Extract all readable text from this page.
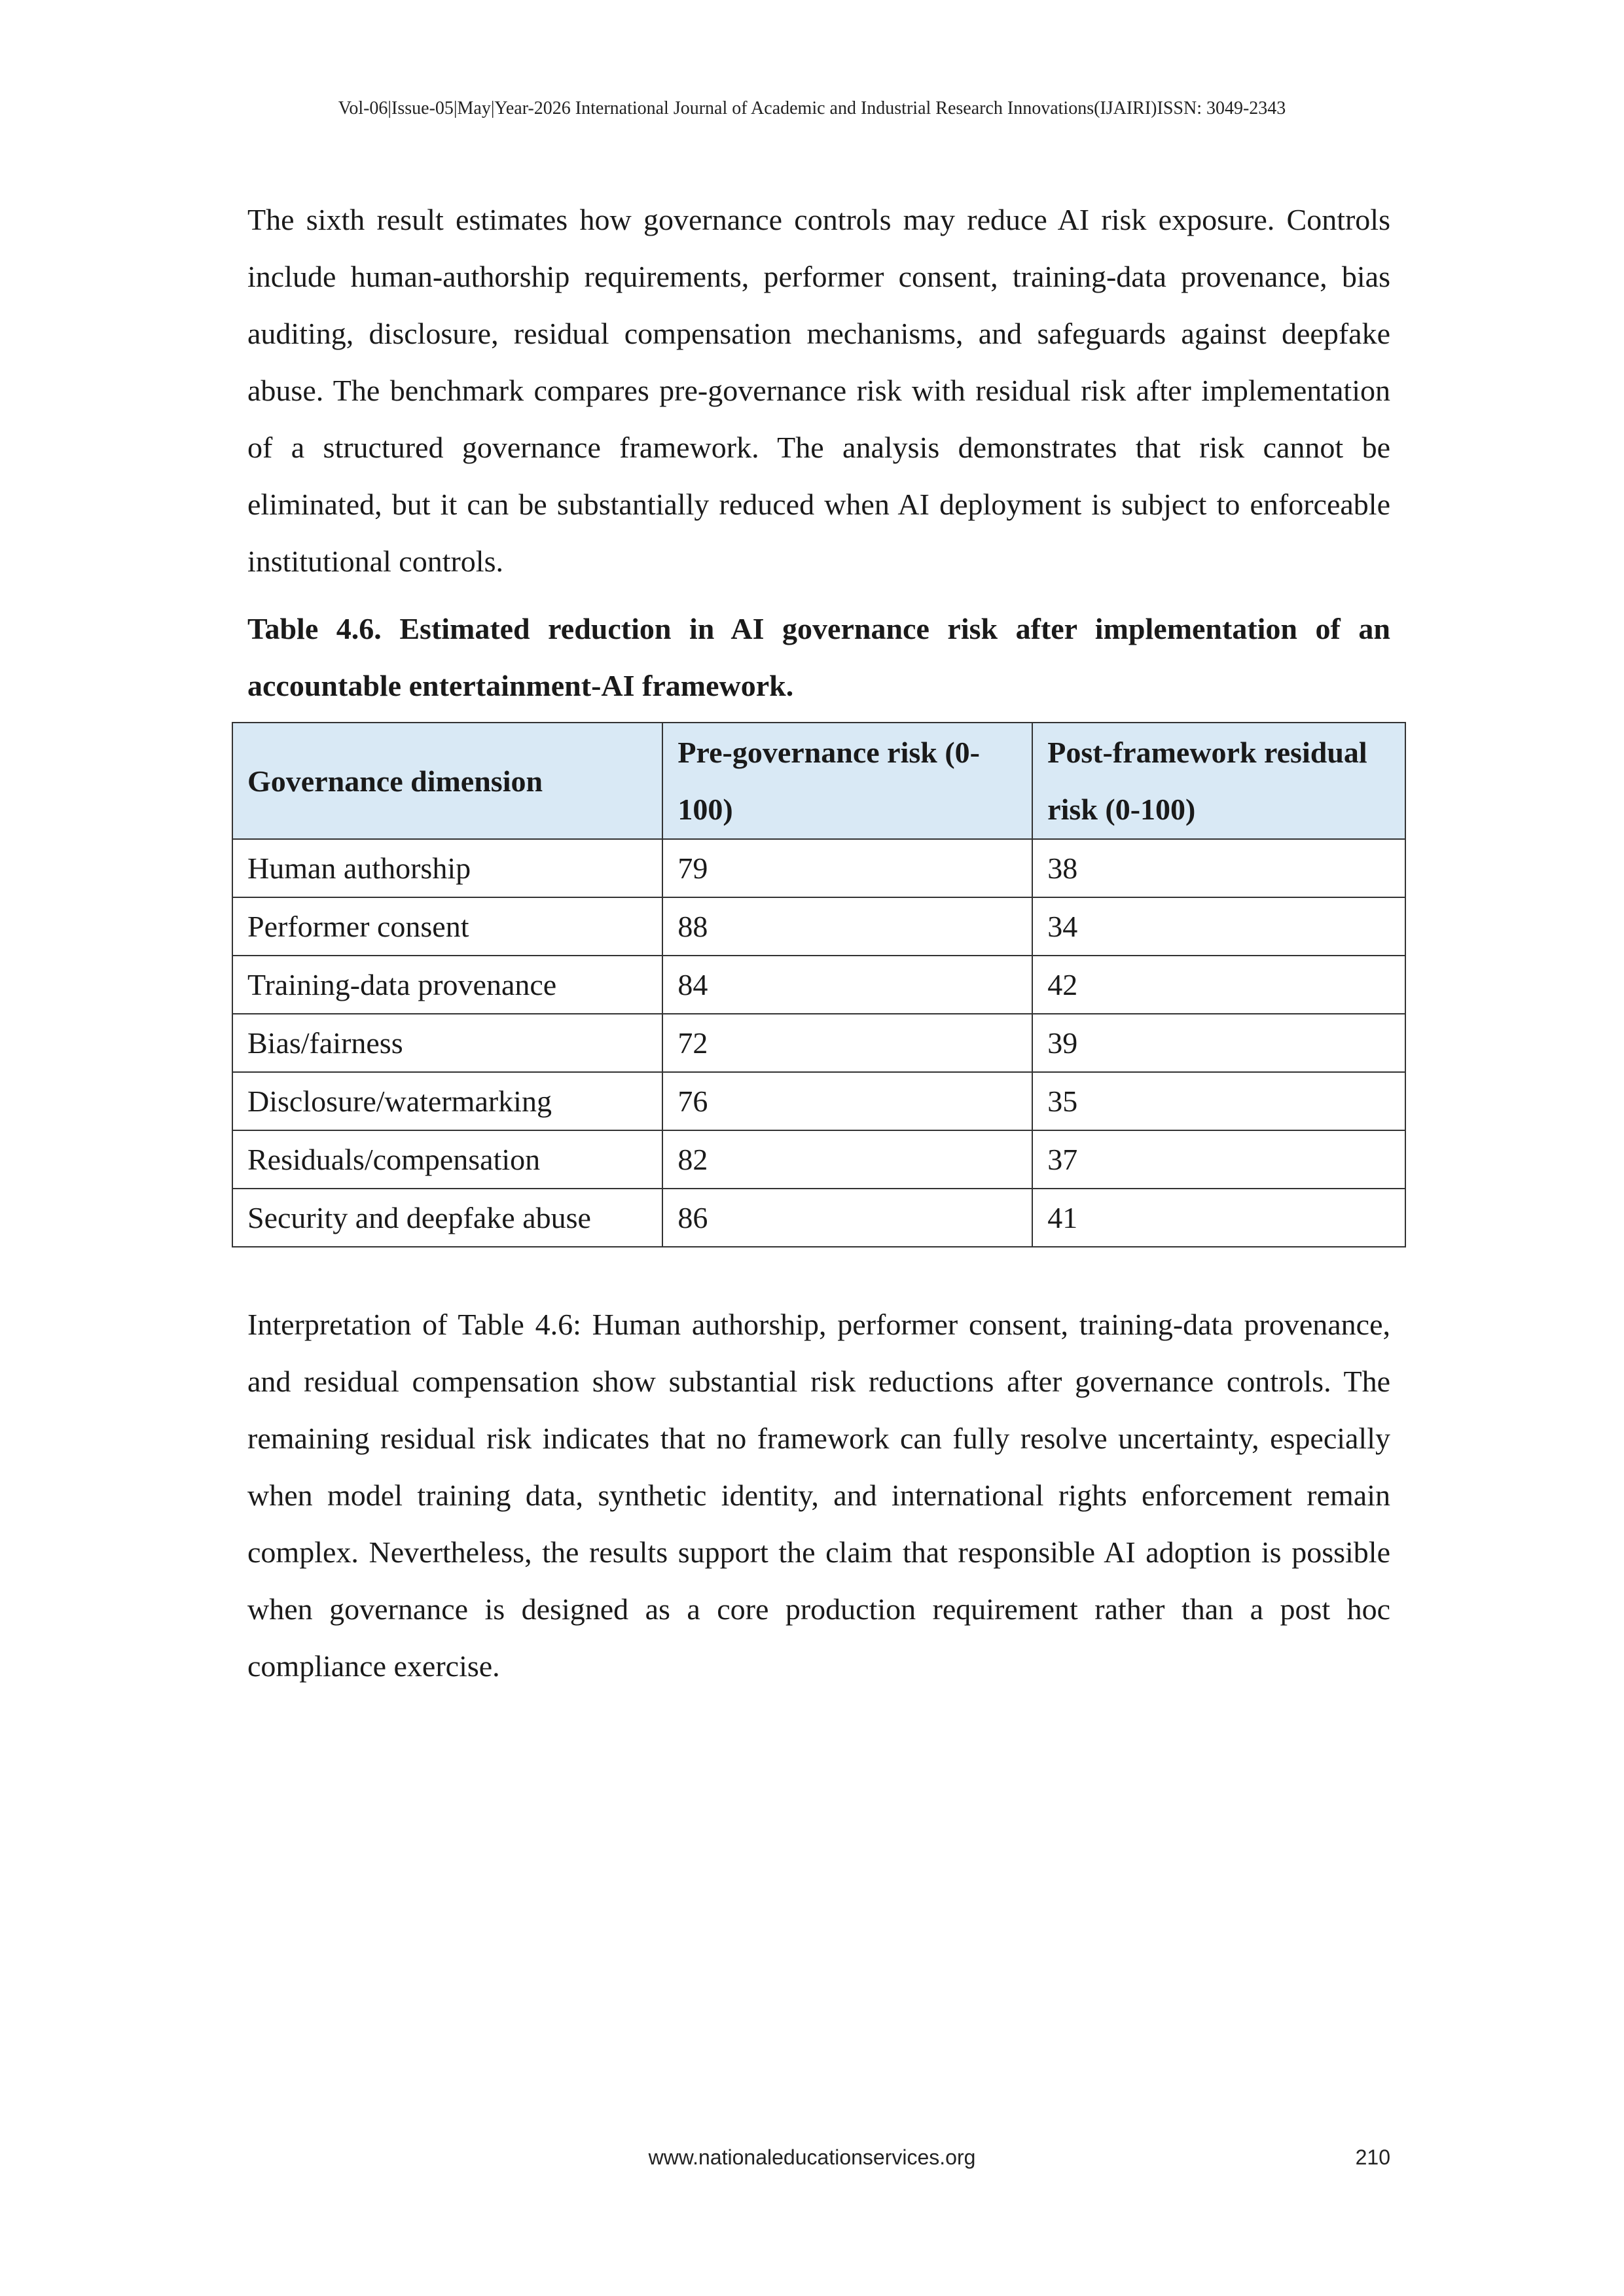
Vol-06|Issue-05|May|Year-2026 International Journal of Academic and Industrial Research Innovations(IJAIRI)ISSN: 3049-2343

The sixth result estimates how governance controls may reduce AI risk exposure. Controls include human-authorship requirements, performer consent, training-data provenance, bias auditing, disclosure, residual compensation mechanisms, and safeguards against deepfake abuse. The benchmark compares pre-governance risk with residual risk after implementation of a structured governance framework. The analysis demonstrates that risk cannot be eliminated, but it can be substantially reduced when AI deployment is subject to enforceable institutional controls.

Table 4.6. Estimated reduction in AI governance risk after implementation of an accountable entertainment-AI framework.

Governance dimension	Pre-governance risk (0-100)	Post-framework residual risk (0-100)
Human authorship	79	38
Performer consent	88	34
Training-data provenance	84	42
Bias/fairness	72	39
Disclosure/watermarking	76	35
Residuals/compensation	82	37
Security and deepfake abuse	86	41

Interpretation of Table 4.6: Human authorship, performer consent, training-data provenance, and residual compensation show substantial risk reductions after governance controls. The remaining residual risk indicates that no framework can fully resolve uncertainty, especially when model training data, synthetic identity, and international rights enforcement remain complex. Nevertheless, the results support the claim that responsible AI adoption is possible when governance is designed as a core production requirement rather than a post hoc compliance exercise.

www.nationaleducationservices.org	210
